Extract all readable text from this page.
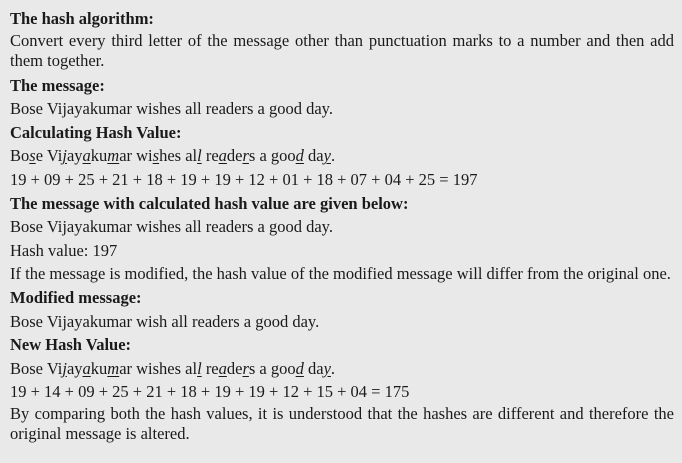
The hash algorithm:
Convert every third letter of the message other than punctuation marks to a number and then add them together.
The message:
Bose Vijayakumar wishes all readers a good day.
Calculating Hash Value:
Bose Vijayakumar wishes all readers a good day.
19 + 09 + 25 + 21 + 18 + 19 + 19 + 12 + 01 + 18 + 07 + 04 + 25 = 197
The message with calculated hash value are given below:
Bose Vijayakumar wishes all readers a good day.
Hash value: 197
If the message is modified, the hash value of the modified message will differ from the original one.
Modified message:
Bose Vijayakumar wish all readers a good day.
New Hash Value:
Bose Vijayakumar wishes all readers a good day.
19 + 14 + 09 + 25 + 21 + 18 + 19 + 19 + 12 + 15 + 04 = 175
By comparing both the hash values, it is understood that the hashes are different and therefore the original message is altered.
